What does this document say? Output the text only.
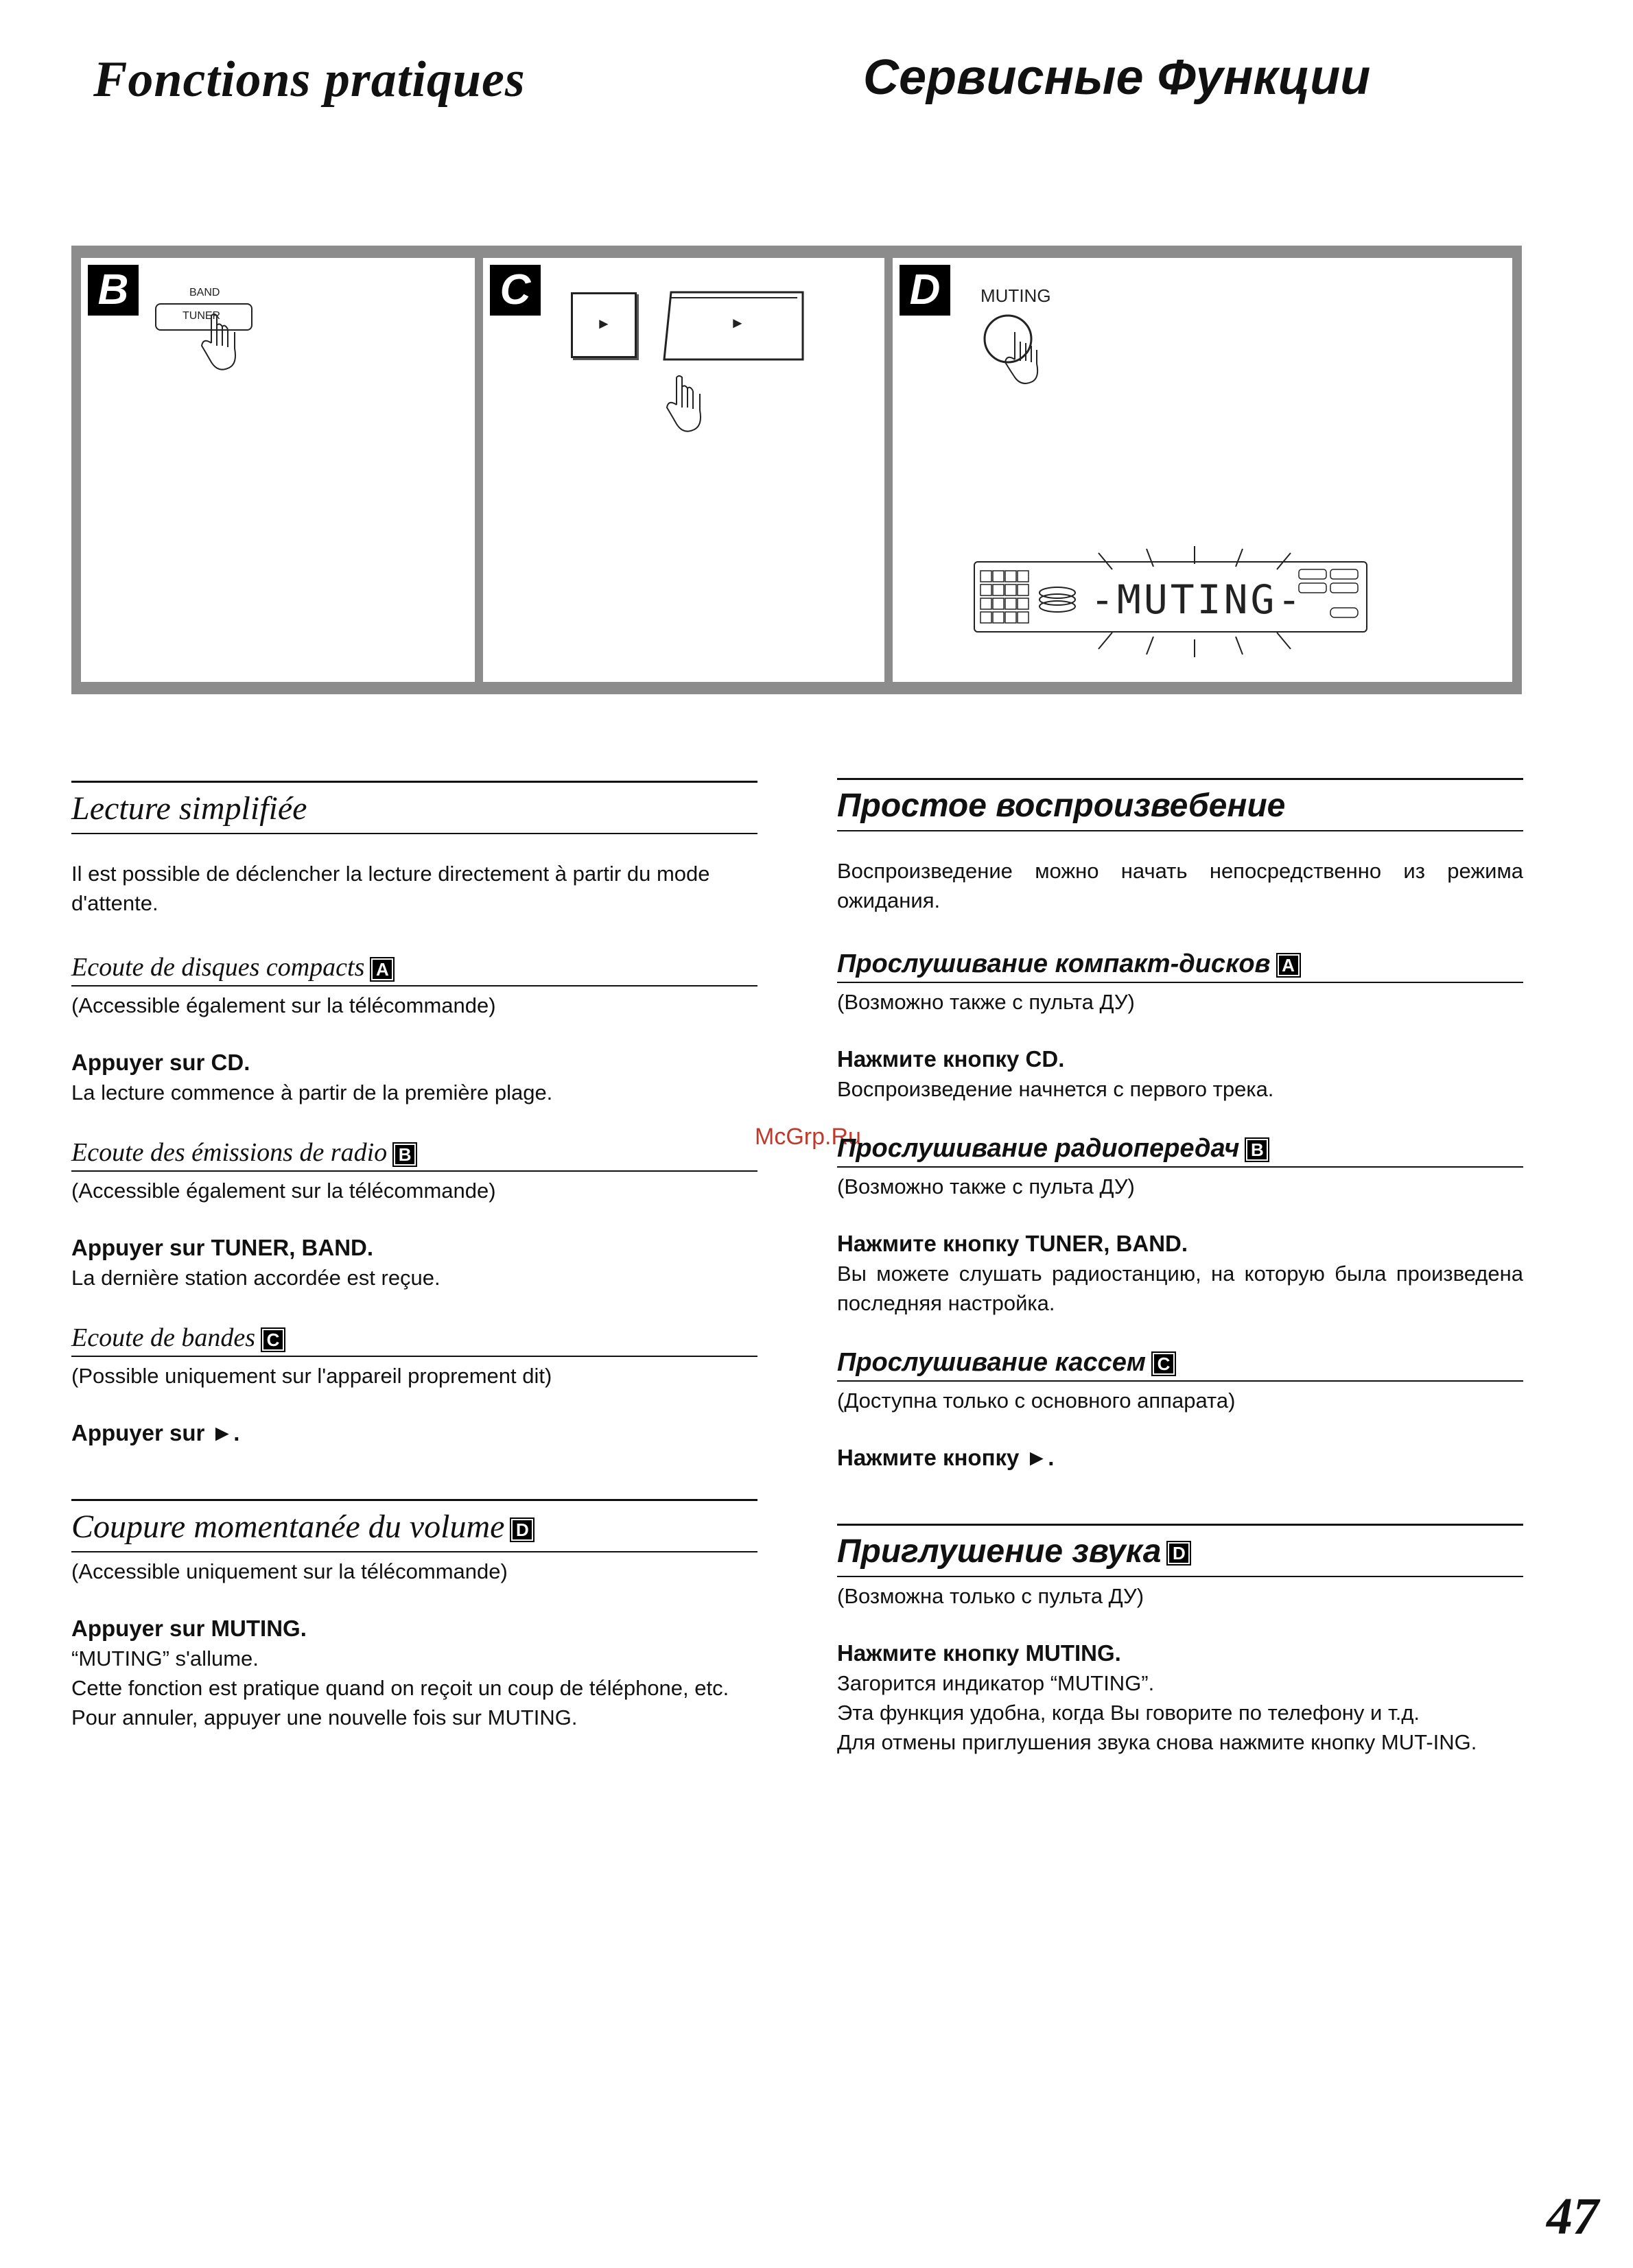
Fonctions pratiques	Сервисные Функции
B	BAND
TUNER
C
►	►
D	MUTING
-MUTING-
McGrp.Ru
Lecture simplifiée
Il est possible de déclencher la lecture directement à partir du mode d'attente.
Ecoute de disques compacts A
(Accessible également sur la télécommande)
Appuyer sur CD.
La lecture commence à partir de la première plage.
Ecoute des émissions de radio B
(Accessible également sur la télécommande)
Appuyer sur TUNER, BAND.
La dernière station accordée est reçue.
Ecoute de bandes C
(Possible uniquement sur l'appareil proprement dit)
Appuyer sur ►.
Coupure momentanée du volume D
(Accessible uniquement sur la télécommande)
Appuyer sur MUTING.
“MUTING” s'allume.
Cette fonction est pratique quand on reçoit un coup de téléphone, etc.
Pour annuler, appuyer une nouvelle fois sur MUTING.
Простое воспроизвебение
Воспроизведение можно начать непосредственно из режима ожидания.
Прослушивание компакт-дисков A
(Возможно также с пульта ДУ)
Нажмите кнопку CD.
Воспроизведение начнется с первого трека.
Прослушивание радиопередач B
(Возможно также с пульта ДУ)
Нажмите кнопку TUNER, BAND.
Вы можете слушать радиостанцию, на которую была произведена последняя настройка.
Прослушивание кассем C
(Доступна только с основного аппарата)
Нажмите кнопку ►.
Приглушение звука D
(Возможна только с пульта ДУ)
Нажмите кнопку MUTING.
Загорится индикатор “MUTING”.
Эта функция удобна, когда Вы говорите по телефону и т.д.
Для отмены приглушения звука снова нажмите кнопку MUT-ING.
47
